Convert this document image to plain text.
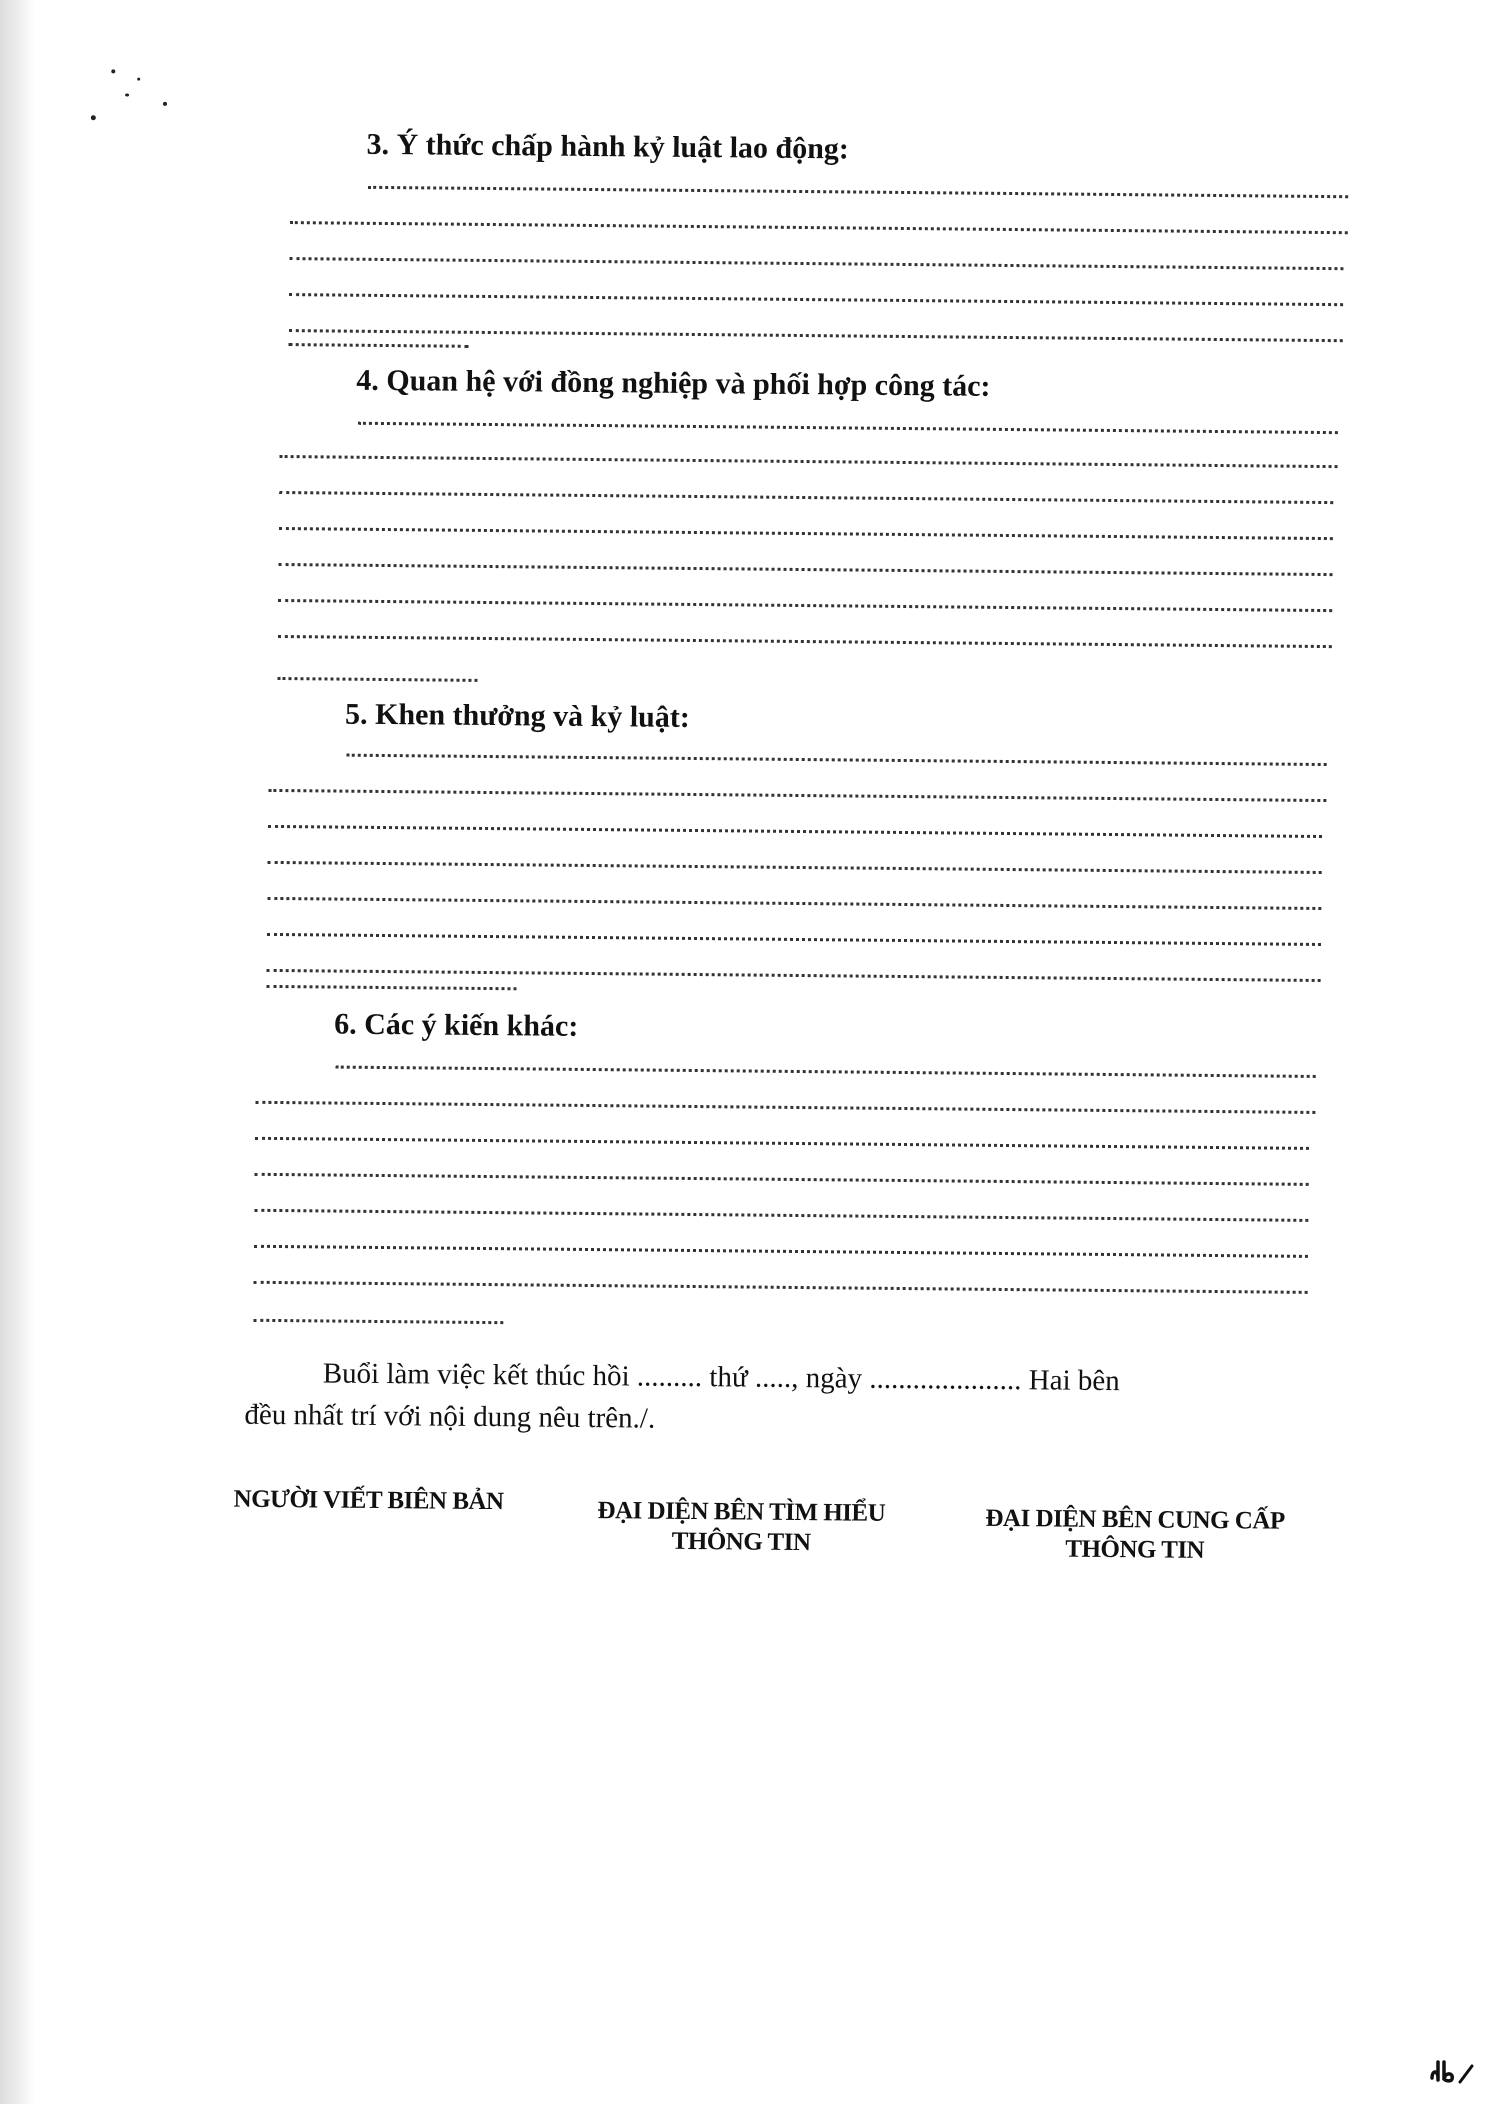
3. Ý thức chấp hành kỷ luật lao động:
4. Quan hệ với đồng nghiệp và phối hợp công tác:
5. Khen thưởng và kỷ luật:
6. Các ý kiến khác:
Buổi làm việc kết thúc hồi ......... thứ ....., ngày ..................... Hai bên
đều nhất trí với nội dung nêu trên./.
NGƯỜI VIẾT BIÊN BẢN	ĐẠI DIỆN BÊN TÌM HIỂU
THÔNG TIN
ĐẠI DIỆN BÊN CUNG CẤP
THÔNG TIN
